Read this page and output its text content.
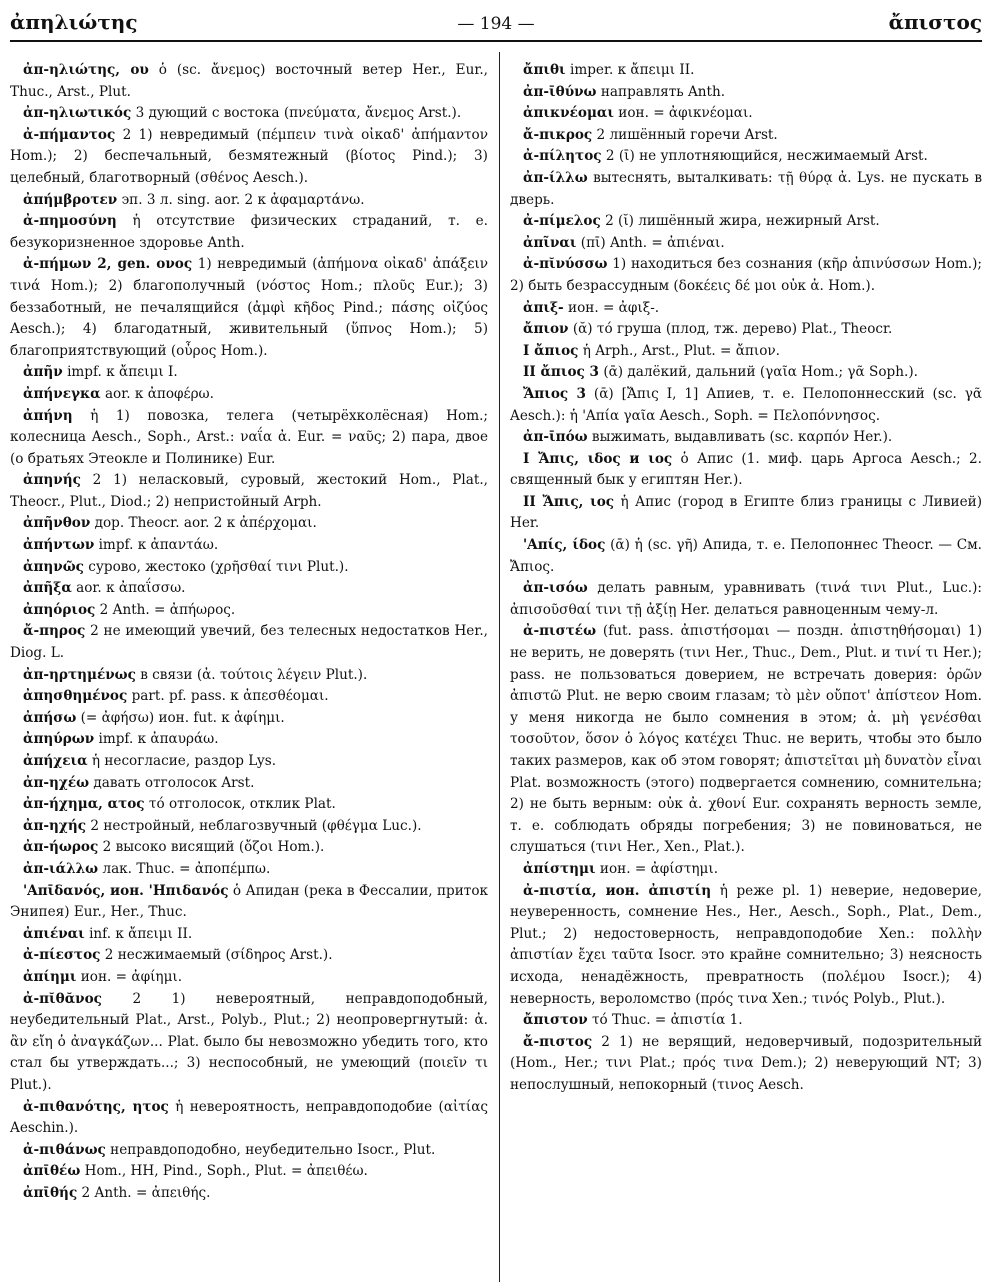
ἀπηλιώτης	— 194 —	ἄπιστος

ἀπ-ηλιώτης, ου ὁ (sc. ἄνεμος) восточный ветер Her., Eur., Thuc., Arst., Plut.

ἀπ-ηλιωτικός 3 дующий с востока (πνεύματα, ἄνεμος Arst.).

ἀ-πήμαντος 2 1) невредимый (πέμπειν τινὰ οἰκαδ' ἀπήμαντον Hom.); 2) беспечальный, безмятежный (βίοτος Pind.); 3) целебный, благотворный (σθένος Aesch.).

ἀπήμβροτεν эп. 3 л. sing. aor. 2 к ἀφαμαρτάνω.

ἀ-πημοσύνη ἡ отсутствие физических страданий, т. е. безукоризненное здоровье Anth.

ἀ-πήμων 2, gen. ονος 1) невредимый (ἀπήμονα οἰκαδ' ἀπάξειν τινά Hom.); 2) благополучный (νόστος Hom.; πλοῦς Eur.); 3) беззаботный, не печалящийся (ἀμφὶ κῆδος Pind.; πάσης οἰζύος Aesch.); 4) благодатный, живительный (ὕπνος Hom.); 5) благоприятствующий (οὖρος Hom.).

ἀπῆν impf. к ἄπειμι I.

ἀπήνεγκα aor. к ἀποφέρω.

ἀπήνη ἡ 1) повозка, телега (четырёхколёсная) Hom.; колесница Aesch., Soph., Arst.: ναΐα ἀ. Eur. = ναῦς; 2) пара, двое (о братьях Этеокле и Полинике) Eur.

ἀπηνής 2 1) неласковый, суровый, жестокий Hom., Plat., Theocr., Plut., Diod.; 2) непристойный Arph.

ἀπῆνθον дор. Theocr. aor. 2 к ἀπέρχομαι.

ἀπήντων impf. к ἀπαντάω.

ἀπηνῶς сурово, жестоко (χρῆσθαί τινι Plut.).

ἀπῆξα aor. к ἀπαΐσσω.

ἀπηόριος 2 Anth. = ἀπήωρος.

ἄ-πηρος 2 не имеющий увечий, без телесных недостатков Her., Diog. L.

ἀπ-ηρτημένως в связи (ἀ. τούτοις λέγειν Plut.).

ἀπησθημένος part. pf. pass. к ἀπεσθέομαι.

ἀπήσω (= ἀφήσω) ион. fut. к ἀφίημι.

ἀπηύρων impf. к ἀπαυράω.

ἀπήχεια ἡ несогласие, раздор Lys.

ἀπ-ηχέω давать отголосок Arst.

ἀπ-ήχημα, ατος τό отголосок, отклик Plat.

ἀπ-ηχής 2 нестройный, неблагозвучный (φθέγμα Luc.).

ἀπ-ήωρος 2 высоко висящий (ὄζοι Hom.).

ἀπ-ιάλλω лак. Thuc. = ἀποπέμπω.

'Απῑδανός, ион. 'Ηπιδανός ὁ Апидан (река в Фессалии, приток Энипея) Eur., Her., Thuc.

ἀπιέναι inf. к ἄπειμι II.

ἀ-πίεστος 2 несжимаемый (σίδηρος Arst.).

ἀπίημι ион. = ἀφίημι.

ἀ-πῐθᾰνος 2 1) невероятный, неправдоподобный, неубедительный Plat., Arst., Polyb., Plut.; 2) неопровергнутый: ἀ. ἂν εἴη ὁ ἀναγκάζων... Plat. было бы невозможно убедить того, кто стал бы утверждать...; 3) неспособный, не умеющий (ποιεῖν τι Plut.).

ἀ-πιθανότης, ητος ἡ невероятность, неправдоподобие (αἰτίας Aeschin.).

ἀ-πιθάνως неправдоподобно, неубедительно Isocr., Plut.

ἀπῑθέω Hom., HH, Pind., Soph., Plut. = ἀπειθέω.

ἀπῑθής 2 Anth. = ἀπειθής.

ἄπιθι imper. к ἄπειμι II.

ἀπ-ῑθύνω направлять Anth.

ἀπικνέομαι ион. = ἀφικνέομαι.

ἄ-πικρος 2 лишённый горечи Arst.

ἀ-πίλητος 2 (ῑ) не уплотняющийся, несжимаемый Arst.

ἀπ-ίλλω вытеснять, выталкивать: τῇ θύρᾳ ἀ. Lys. не пускать в дверь.

ἀ-πίμελος 2 (ῐ) лишённый жира, нежирный Arst.

ἀπῖναι (πῑ) Anth. = ἀπιέναι.

ἀ-πῐνύσσω 1) находиться без сознания (κῆρ ἀπινύσσων Hom.); 2) быть безрассудным (δοκέεις δέ μοι οὐκ ἀ. Hom.).

ἀπιξ- ион. = ἀφιξ-.

ἄπιον (ᾰ) τό груша (плод, тж. дерево) Plat., Theocr.

I ἄπιος ἡ Arph., Arst., Plut. = ἄπιον.

II ἄπιος 3 (ᾱ) далёкий, дальний (γαῖα Hom.; γᾶ Soph.).

Ἄπιος 3 (ᾱ) [Ἄπις I, 1] Апиев, т. е. Пелопоннесский (sc. γᾶ Aesch.): ἡ 'Απία γαῖα Aesch., Soph. = Πελοπόννησος.

ἀπ-ῑπόω выжимать, выдавливать (sc. καρπόν Her.).

I Ἄπις, ιδος и ιος ὁ Апис (1. миф. царь Аргоса Aesch.; 2. священный бык у египтян Her.).

II Ἄπις, ιος ἡ Апис (город в Египте близ границы с Ливией) Her.

'Απίς, ίδος (ᾱ) ἡ (sc. γῆ) Апида, т. е. Пелопоннес Theocr. — См. Ἄπιος.

ἀπ-ισόω делать равным, уравнивать (τινά τινι Plut., Luc.): ἀπισοῦσθαί τινι τῇ ἀξίῃ Her. делаться равноценным чему-л.

ἀ-πιστέω (fut. pass. ἀπιστήσομαι — поздн. ἀπιστηθήσομαι) 1) не верить, не доверять (τινι Her., Thuc., Dem., Plut. и τινί τι Her.); pass. не пользоваться доверием, не встречать доверия: ὁρῶν ἀπιστῶ Plut. не верю своим глазам; τὸ μὲν οὔποτ' ἀπίστεον Hom. у меня никогда не было сомнения в этом; ἀ. μὴ γενέσθαι τοσοῦτον, ὅσον ὁ λόγος κατέχει Thuc. не верить, чтобы это было таких размеров, как об этом говорят; ἀπιστεῖται μὴ δυνατὸν εἶναι Plat. возможность (этого) подвергается сомнению, сомнительна; 2) не быть верным: οὐκ ἀ. χθονί Eur. сохранять верность земле, т. е. соблюдать обряды погребения; 3) не повиноваться, не слушаться (τινι Her., Xen., Plat.).

ἀπίστημι ион. = ἀφίστημι.

ἀ-πιστία, ион. ἀπιστίη ἡ реже pl. 1) неверие, недоверие, неуверенность, сомнение Hes., Her., Aesch., Soph., Plat., Dem., Plut.; 2) недостоверность, неправдоподобие Xen.: πολλὴν ἀπιστίαν ἔχει ταῦτα Isocr. это крайне сомнительно; 3) неясность исхода, ненадёжность, превратность (πολέμου Isocr.); 4) неверность, вероломство (πρός τινα Xen.; τινός Polyb., Plut.).

ἄπιστον τό Thuc. = ἀπιστία 1.

ἄ-πιστος 2 1) не верящий, недоверчивый, подозрительный (Hom., Her.; τινι Plat.; πρός τινα Dem.); 2) неверующий NT; 3) непослушный, непокорный (τινος Aesch.
